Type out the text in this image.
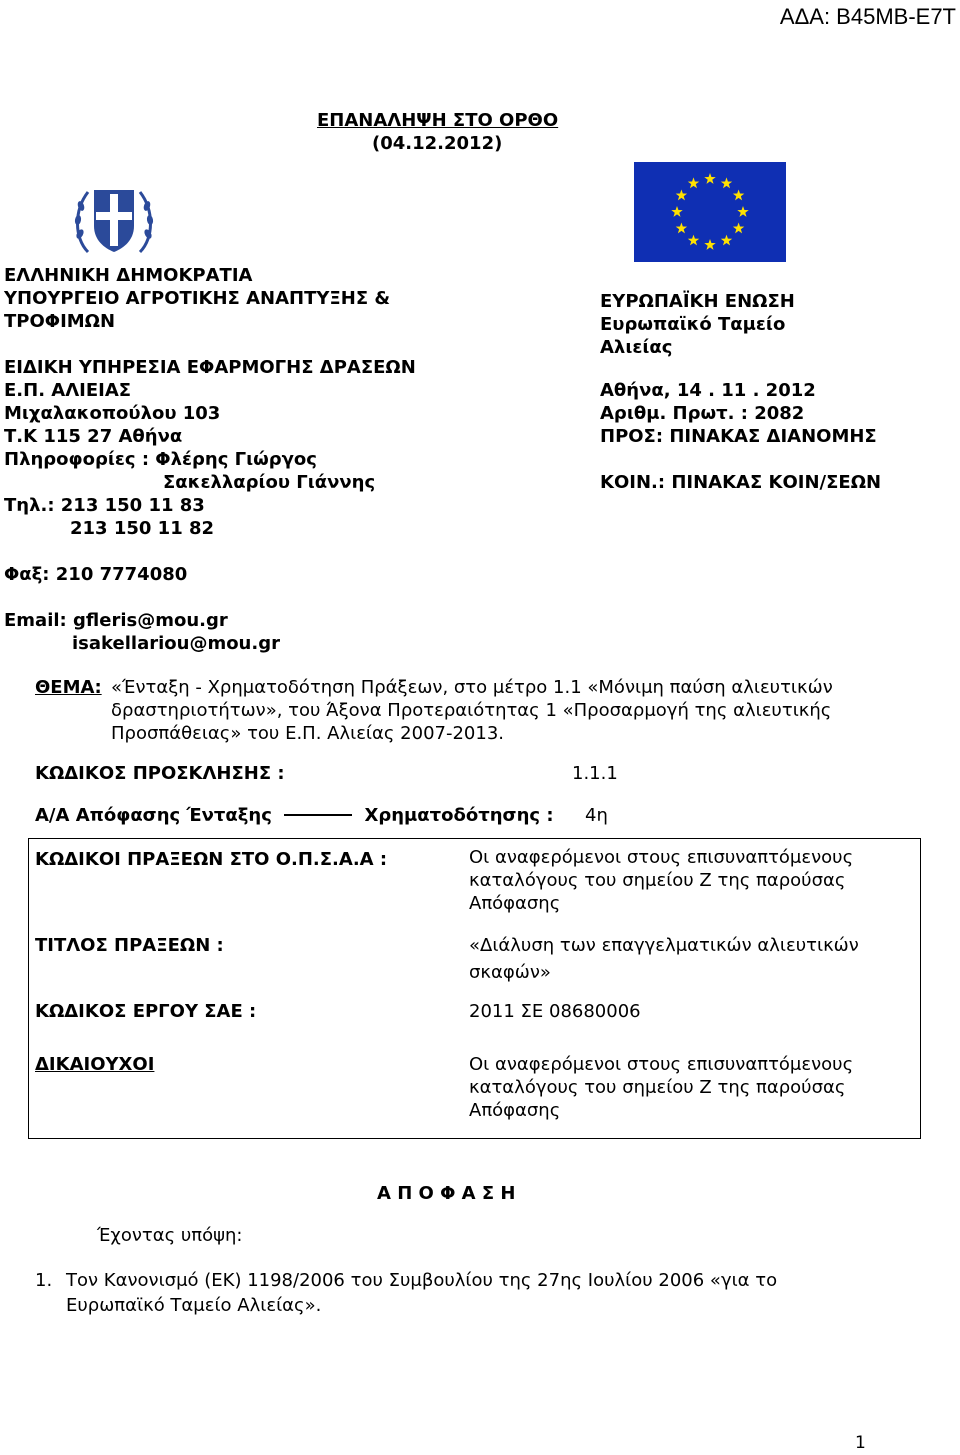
ΑΔΑ: Β45ΜΒ-Ε7Τ
ΕΠΑΝΑΛΗΨΗ ΣΤΟ ΟΡΘΟ
(04.12.2012)
ΕΛΛΗΝΙΚΗ ΔΗΜΟΚΡΑΤΙΑ
ΥΠΟΥΡΓΕΙΟ ΑΓΡΟΤΙΚΗΣ ΑΝΑΠΤΥΞΗΣ &
ΤΡΟΦΙΜΩΝ
ΕΙΔΙΚΗ ΥΠΗΡΕΣΙΑ ΕΦΑΡΜΟΓΗΣ ΔΡΑΣΕΩΝ
Ε.Π. ΑΛΙΕΙΑΣ
Μιχαλακοπούλου 103
Τ.Κ 115 27 Αθήνα
Πληροφορίες : Φλέρης Γιώργος
Σακελλαρίου Γιάννης
Τηλ.: 213 150 11 83
213 150 11 82
Φαξ: 210 7774080
Email: gfleris@mou.gr
isakellariou@mou.gr
ΕΥΡΩΠΑΪΚΗ ΕΝΩΣΗ
Ευρωπαϊκό Ταμείο
Αλιείας
Αθήνα, 14 . 11 . 2012
Αριθμ. Πρωτ. : 2082
ΠΡΟΣ: ΠΙΝΑΚΑΣ ΔΙΑΝΟΜΗΣ
ΚΟΙΝ.: ΠΙΝΑΚΑΣ ΚΟΙΝ/ΣΕΩΝ
ΘΕΜΑ: «Ένταξη - Χρηματοδότηση Πράξεων, στο μέτρο 1.1 «Μόνιμη παύση αλιευτικών
δραστηριοτήτων», του Άξονα Προτεραιότητας 1 «Προσαρμογή της αλιευτικής
Προσπάθειας» του Ε.Π. Αλιείας 2007-2013.
ΚΩΔΙΚΟΣ ΠΡΟΣΚΛΗΣΗΣ :	1.1.1
Α/Α Απόφασης Ένταξης	Χρηματοδότησης : 4η
ΚΩΔΙΚΟΙ ΠΡΑΞΕΩΝ ΣΤΟ Ο.Π.Σ.Α.Α :	Οι αναφερόμενοι στους επισυναπτόμενους
καταλόγους του σημείου Ζ της παρούσας
Απόφασης
ΤΙΤΛΟΣ ΠΡΑΞΕΩΝ :	«Διάλυση των επαγγελματικών αλιευτικών
σκαφών»
ΚΩΔΙΚΟΣ ΕΡΓΟΥ ΣΑΕ :	2011 ΣΕ 08680006
ΔΙΚΑΙΟΥΧΟΙ	Οι αναφερόμενοι στους επισυναπτόμενους
καταλόγους του σημείου Ζ της παρούσας
Απόφασης
Α Π Ο Φ Α Σ Η
Έχοντας υπόψη:
1. Τον Κανονισμό (ΕΚ) 1198/2006 του Συμβουλίου της 27ης Ιουλίου 2006 «για το
Ευρωπαϊκό Ταμείο Αλιείας».
1
